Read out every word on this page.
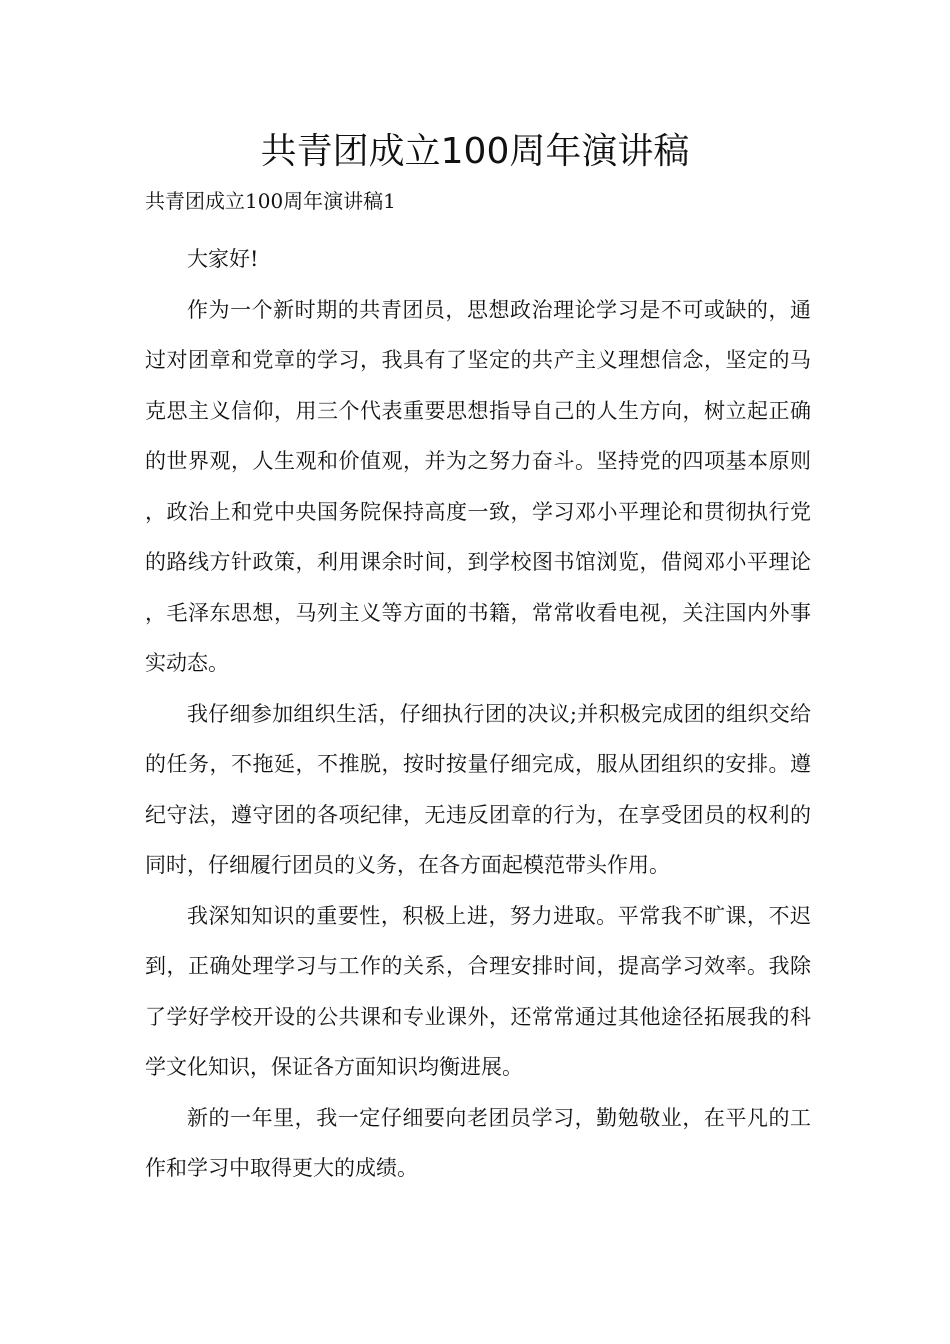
共青团成立100周年演讲稿
共青团成立100周年演讲稿1

大家好!

作为一个新时期的共青团员，思想政治理论学习是不可或缺的，通过对团章和党章的学习，我具有了坚定的共产主义理想信念，坚定的马克思主义信仰，用三个代表重要思想指导自己的人生方向，树立起正确的世界观，人生观和价值观，并为之努力奋斗。坚持党的四项基本原则，政治上和党中央国务院保持高度一致，学习邓小平理论和贯彻执行党的路线方针政策，利用课余时间，到学校图书馆浏览，借阅邓小平理论，毛泽东思想，马列主义等方面的书籍，常常收看电视，关注国内外事实动态。

我仔细参加组织生活，仔细执行团的决议;并积极完成团的组织交给的任务，不拖延，不推脱，按时按量仔细完成，服从团组织的安排。遵纪守法，遵守团的各项纪律，无违反团章的行为，在享受团员的权利的同时，仔细履行团员的义务，在各方面起模范带头作用。

我深知知识的重要性，积极上进，努力进取。平常我不旷课，不迟到，正确处理学习与工作的关系，合理安排时间，提高学习效率。我除了学好学校开设的公共课和专业课外，还常常通过其他途径拓展我的科学文化知识，保证各方面知识均衡进展。

新的一年里，我一定仔细要向老团员学习，勤勉敬业，在平凡的工作和学习中取得更大的成绩。
